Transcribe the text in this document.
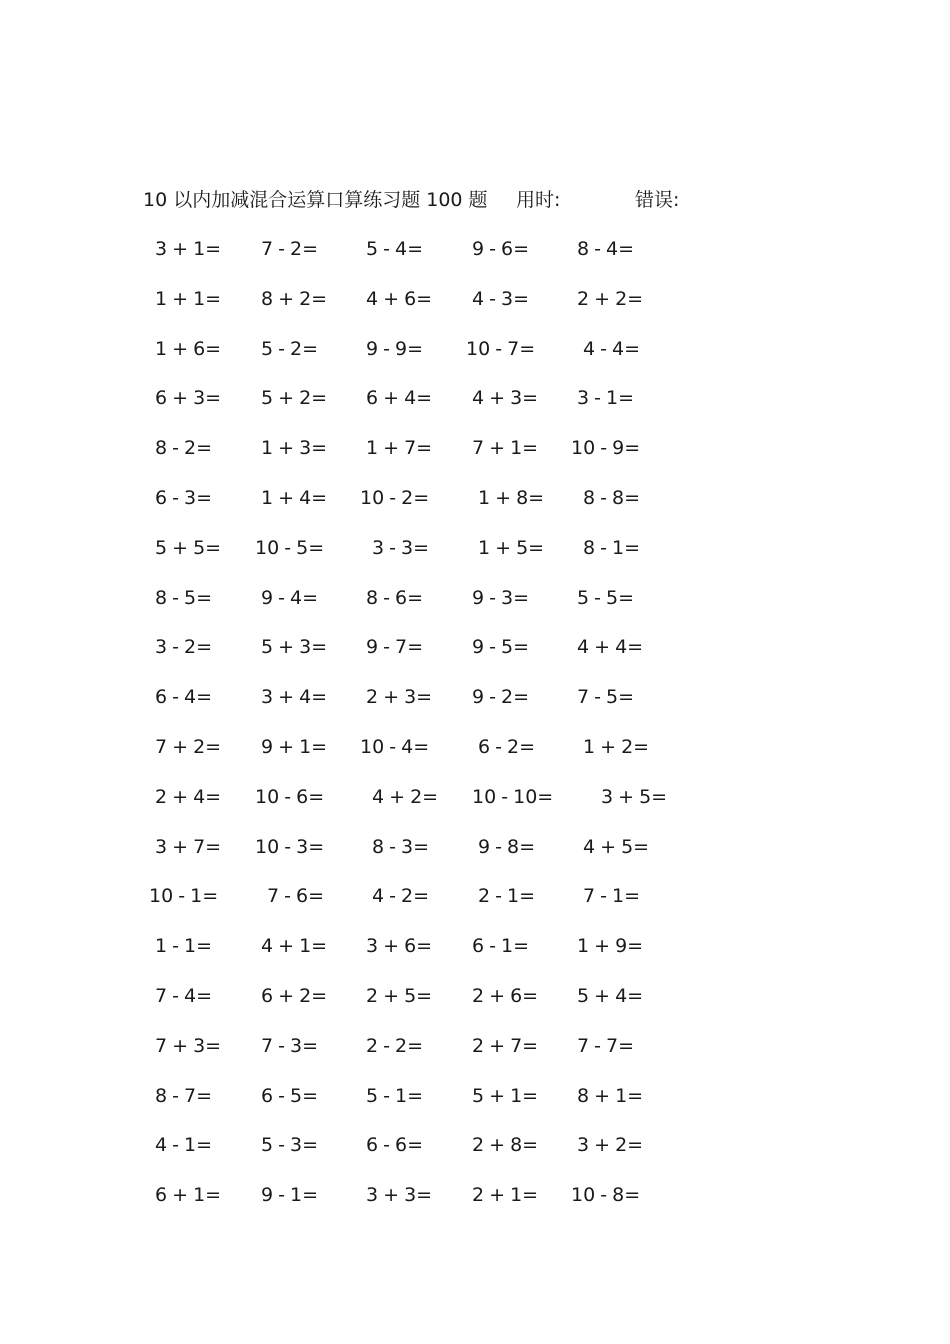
10 以内加减混合运算口算练习题 100 题 用时:	错误:
3 + 1= 7 - 2=	5 - 4=	9 - 6=	8 - 4=
1 + 1= 8 + 2= 4 + 6= 4 - 3=	2 + 2=
1 + 6= 5 - 2=	9 - 9= 10 - 7=	4 - 4=
6 + 3= 5 + 2= 6 + 4= 4 + 3= 3 - 1=
8 - 2=	1 + 3= 1 + 7= 7 + 1= 10 - 9=
6 - 3=	1 + 4= 10 - 2=	1 + 8= 8 - 8=
5 + 5= 10 - 5=	3 - 3=	1 + 5= 8 - 1=
8 - 5=	9 - 4=	8 - 6=	9 - 3=	5 - 5=
3 - 2=	5 + 3= 9 - 7=	9 - 5=	4 + 4=
6 - 4=	3 + 4= 2 + 3= 9 - 2=	7 - 5=
7 + 2= 9 + 1= 10 - 4=	6 - 2=	1 + 2=
2 + 4= 10 - 6=	4 + 2= 10 - 10=	3 + 5=
3 + 7= 10 - 3=	8 - 3=	9 - 8=	4 + 5=
10 - 1=	7 - 6=	4 - 2=	2 - 1=	7 - 1=
1 - 1=	4 + 1= 3 + 6= 6 - 1=	1 + 9=
7 - 4=	6 + 2= 2 + 5= 2 + 6= 5 + 4=
7 + 3= 7 - 3=	2 - 2=	2 + 7= 7 - 7=
8 - 7=	6 - 5=	5 - 1=	5 + 1= 8 + 1=
4 - 1=	5 - 3=	6 - 6=	2 + 8= 3 + 2=
6 + 1= 9 - 1=	3 + 3= 2 + 1= 10 - 8=
